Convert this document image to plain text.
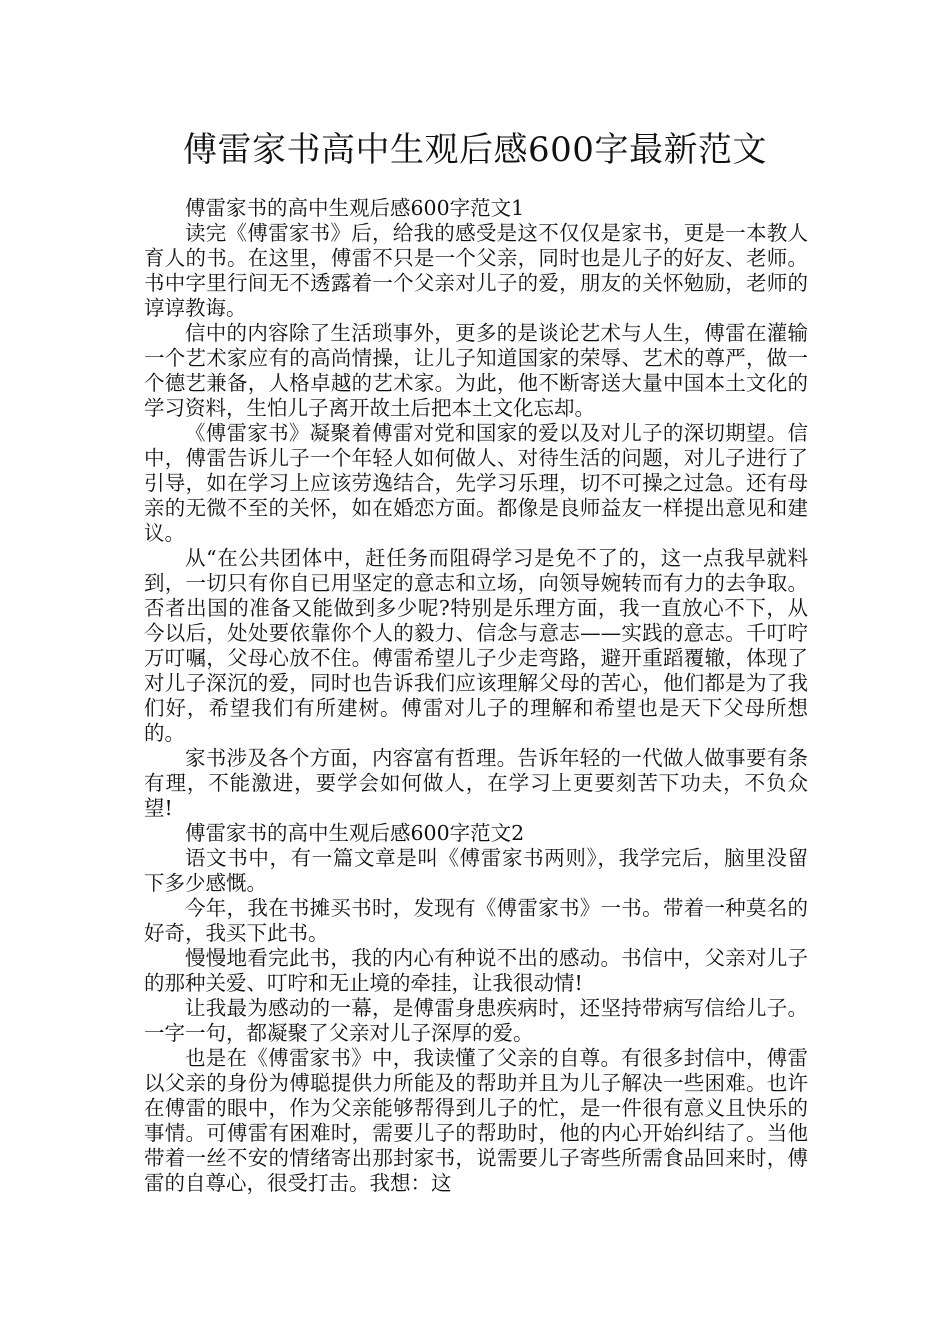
傅雷家书高中生观后感600字最新范文

傅雷家书的高中生观后感600字范文1

读完《傅雷家书》后，给我的感受是这不仅仅是家书，更是一本教人育人的书。在这里，傅雷不只是一个父亲，同时也是儿子的好友、老师。书中字里行间无不透露着一个父亲对儿子的爱，朋友的关怀勉励，老师的谆谆教诲。

信中的内容除了生活琐事外，更多的是谈论艺术与人生，傅雷在灌输一个艺术家应有的高尚情操，让儿子知道国家的荣辱、艺术的尊严，做一个德艺兼备，人格卓越的艺术家。为此，他不断寄送大量中国本土文化的学习资料，生怕儿子离开故土后把本土文化忘却。

《傅雷家书》凝聚着傅雷对党和国家的爱以及对儿子的深切期望。信中，傅雷告诉儿子一个年轻人如何做人、对待生活的问题，对儿子进行了引导，如在学习上应该劳逸结合，先学习乐理，切不可操之过急。还有母亲的无微不至的关怀，如在婚恋方面。都像是良师益友一样提出意见和建议。

从“在公共团体中，赶任务而阻碍学习是免不了的，这一点我早就料到，一切只有你自已用坚定的意志和立场，向领导婉转而有力的去争取。否者出国的准备又能做到多少呢?特别是乐理方面，我一直放心不下，从今以后，处处要依靠你个人的毅力、信念与意志——实践的意志。千叮咛万叮嘱，父母心放不住。傅雷希望儿子少走弯路，避开重蹈覆辙，体现了对儿子深沉的爱，同时也告诉我们应该理解父母的苦心，他们都是为了我们好，希望我们有所建树。傅雷对儿子的理解和希望也是天下父母所想的。

家书涉及各个方面，内容富有哲理。告诉年轻的一代做人做事要有条有理，不能激进，要学会如何做人，在学习上更要刻苦下功夫，不负众望!

傅雷家书的高中生观后感600字范文2

语文书中，有一篇文章是叫《傅雷家书两则》，我学完后，脑里没留下多少感慨。

今年，我在书摊买书时，发现有《傅雷家书》一书。带着一种莫名的好奇，我买下此书。

慢慢地看完此书，我的内心有种说不出的感动。书信中，父亲对儿子的那种关爱、叮咛和无止境的牵挂，让我很动情!

让我最为感动的一幕，是傅雷身患疾病时，还坚持带病写信给儿子。一字一句，都凝聚了父亲对儿子深厚的爱。

也是在《傅雷家书》中，我读懂了父亲的自尊。有很多封信中，傅雷以父亲的身份为傅聪提供力所能及的帮助并且为儿子解决一些困难。也许在傅雷的眼中，作为父亲能够帮得到儿子的忙，是一件很有意义且快乐的事情。可傅雷有困难时，需要儿子的帮助时，他的内心开始纠结了。当他带着一丝不安的情绪寄出那封家书，说需要儿子寄些所需食品回来时，傅雷的自尊心，很受打击。我想：这
